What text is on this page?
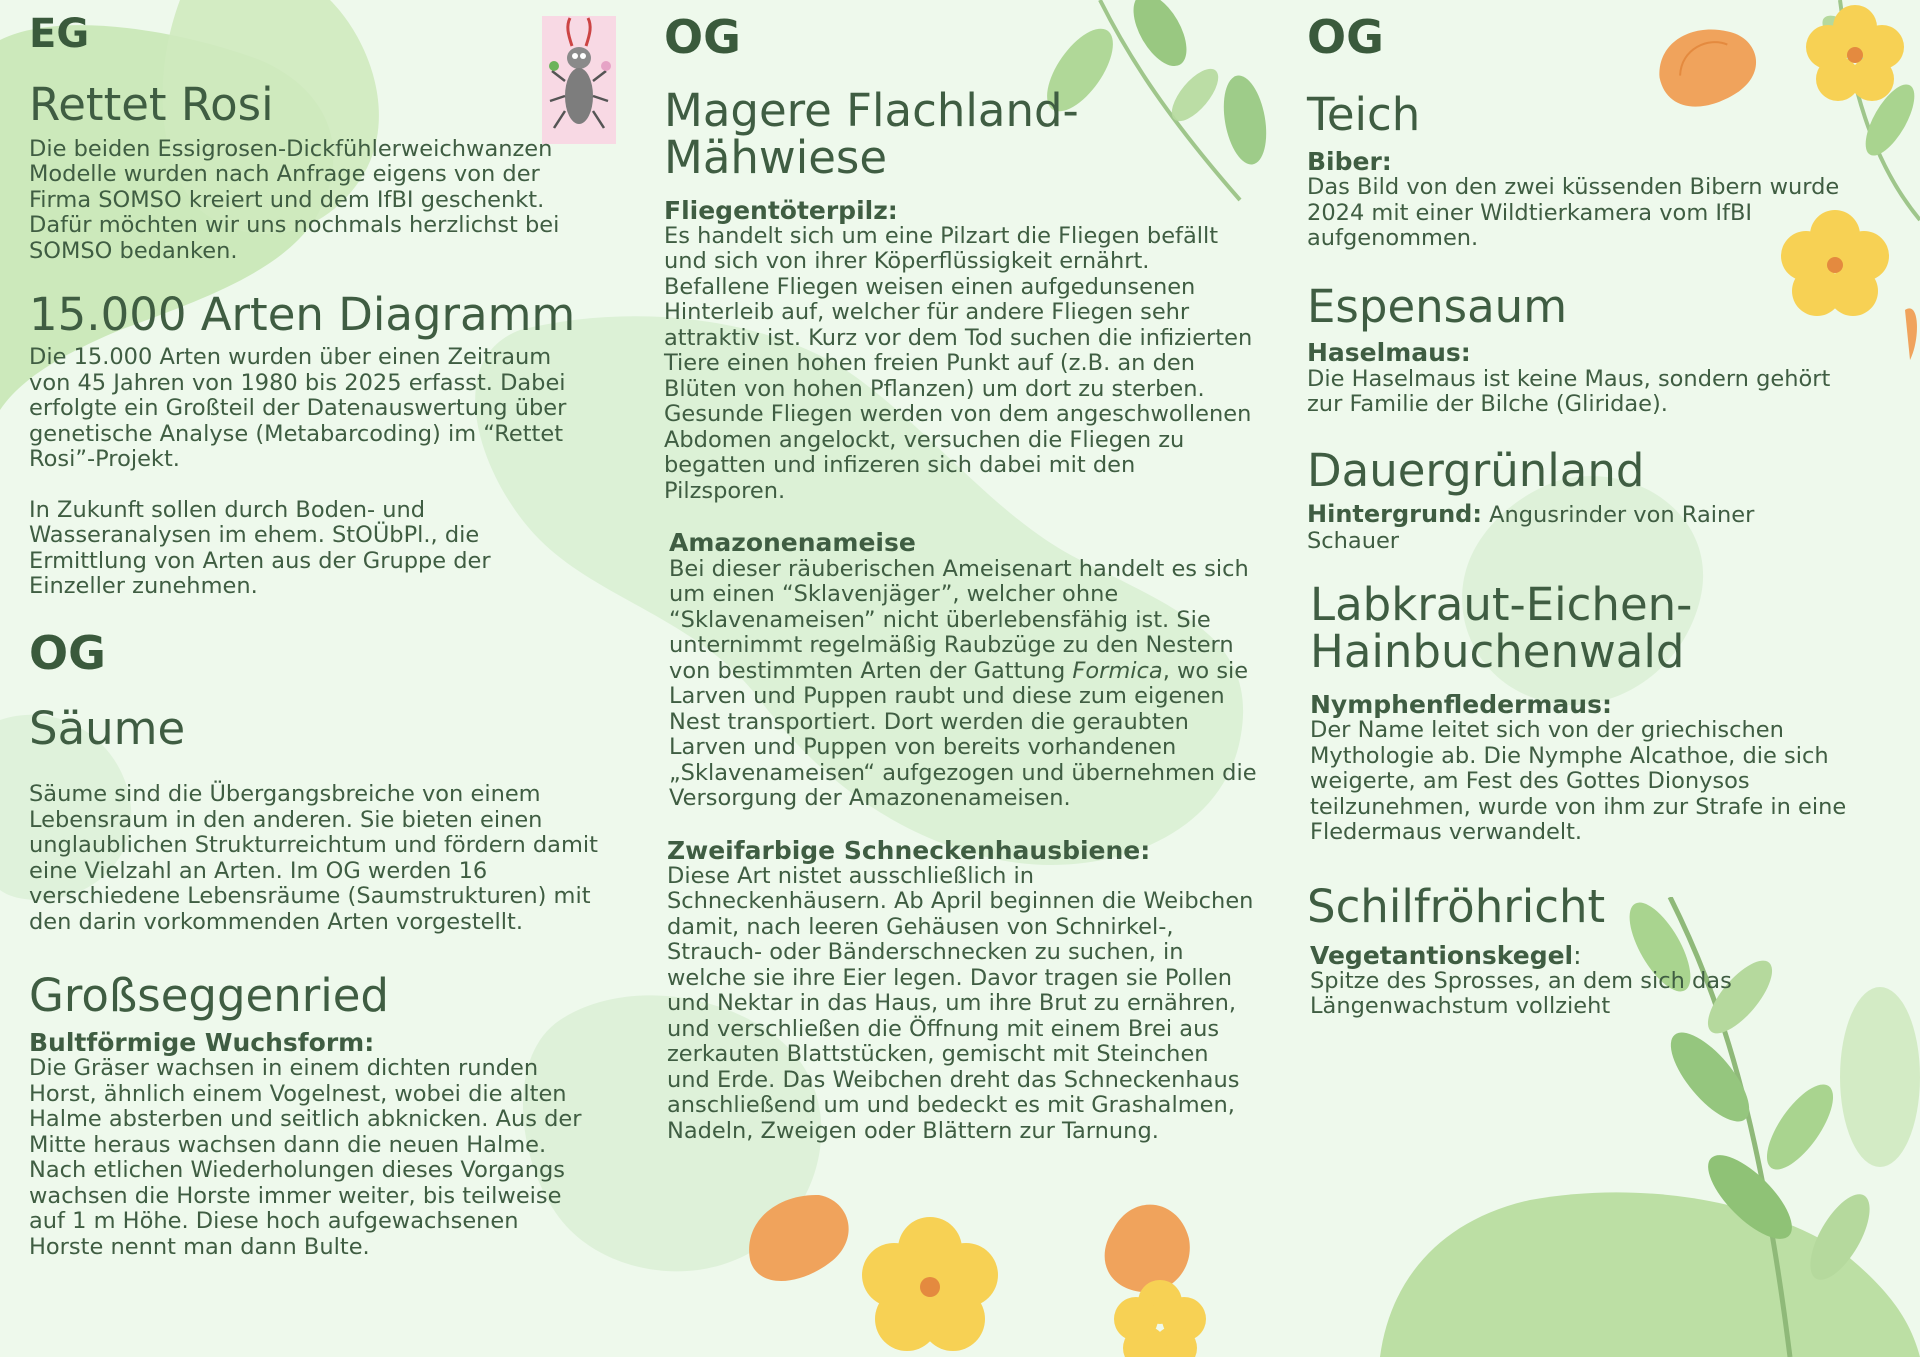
EG
Rettet Rosi

Die beiden Essigrosen-Dickfühlerweichwanzen Modelle wurden nach Anfrage eigens von der Firma SOMSO kreiert und dem IfBI geschenkt. Dafür möchten wir uns nochmals herzlichst bei SOMSO bedanken.

15.000 Arten Diagramm

Die 15.000 Arten wurden über einen Zeitraum von 45 Jahren von 1980 bis 2025 erfasst. Dabei erfolgte ein Großteil der Datenauswertung über genetische Analyse (Metabarcoding) im “Rettet Rosi”-Projekt.

In Zukunft sollen durch Boden- und Wasseranalysen im ehem. StOÜbPl., die Ermittlung von Arten aus der Gruppe der Einzeller zunehmen.

OG
Säume

Säume sind die Übergangsbreiche von einem Lebensraum in den anderen. Sie bieten einen unglaublichen Strukturreichtum und fördern damit eine Vielzahl an Arten. Im OG werden 16 verschiedene Lebensräume (Saumstrukturen) mit den darin vorkommenden Arten vorgestellt.

Großseggenried
Bultförmige Wuchsform:

Die Gräser wachsen in einem dichten runden Horst, ähnlich einem Vogelnest, wobei die alten Halme absterben und seitlich abknicken. Aus der Mitte heraus wachsen dann die neuen Halme. Nach etlichen Wiederholungen dieses Vorgangs wachsen die Horste immer weiter, bis teilweise auf 1 m Höhe. Diese hoch aufgewachsenen Horste nennt man dann Bulte.

OG
Magere Flachland-Mähwiese
Fliegentöterpilz:

Es handelt sich um eine Pilzart die Fliegen befällt und sich von ihrer Köperflüssigkeit ernährt. Befallene Fliegen weisen einen aufgedunsenen Hinterleib auf, welcher für andere Fliegen sehr attraktiv ist. Kurz vor dem Tod suchen die infizierten Tiere einen hohen freien Punkt auf (z.B. an den Blüten von hohen Pflanzen) um dort zu sterben. Gesunde Fliegen werden von dem angeschwollenen Abdomen angelockt, versuchen die Fliegen zu begatten und infizeren sich dabei mit den Pilzsporen.

Amazonenameise

Bei dieser räuberischen Ameisenart handelt es sich um einen “Sklavenjäger”, welcher ohne “Sklavenameisen” nicht überlebensfähig ist. Sie unternimmt regelmäßig Raubzüge zu den Nestern von bestimmten Arten der Gattung Formica, wo sie Larven und Puppen raubt und diese zum eigenen Nest transportiert. Dort werden die geraubten Larven und Puppen von bereits vorhandenen „Sklavenameisen“ aufgezogen und übernehmen die Versorgung der Amazonenameisen.

Zweifarbige Schneckenhausbiene:

Diese Art nistet ausschließlich in Schneckenhäusern. Ab April beginnen die Weibchen damit, nach leeren Gehäusen von Schnirkel-, Strauch- oder Bänderschnecken zu suchen, in welche sie ihre Eier legen. Davor tragen sie Pollen und Nektar in das Haus, um ihre Brut zu ernähren, und verschließen die Öffnung mit einem Brei aus zerkauten Blattstücken, gemischt mit Steinchen und Erde. Das Weibchen dreht das Schneckenhaus anschließend um und bedeckt es mit Grashalmen, Nadeln, Zweigen oder Blättern zur Tarnung.

OG
Teich
Biber:

Das Bild von den zwei küssenden Bibern wurde 2024 mit einer Wildtierkamera vom IfBI aufgenommen.

Espensaum
Haselmaus:

Die Haselmaus ist keine Maus, sondern gehört zur Familie der Bilche (Gliridae).

Dauergrünland

Hintergrund: Angusrinder von Rainer Schauer

Labkraut-Eichen-Hainbuchenwald
Nymphenfledermaus:

Der Name leitet sich von der griechischen Mythologie ab. Die Nymphe Alcathoe, die sich weigerte, am Fest des Gottes Dionysos teilzunehmen, wurde von ihm zur Strafe in eine Fledermaus verwandelt.

Schilfröhricht
Vegetantionskegel:

Spitze des Sprosses, an dem sich das Längenwachstum vollzieht
